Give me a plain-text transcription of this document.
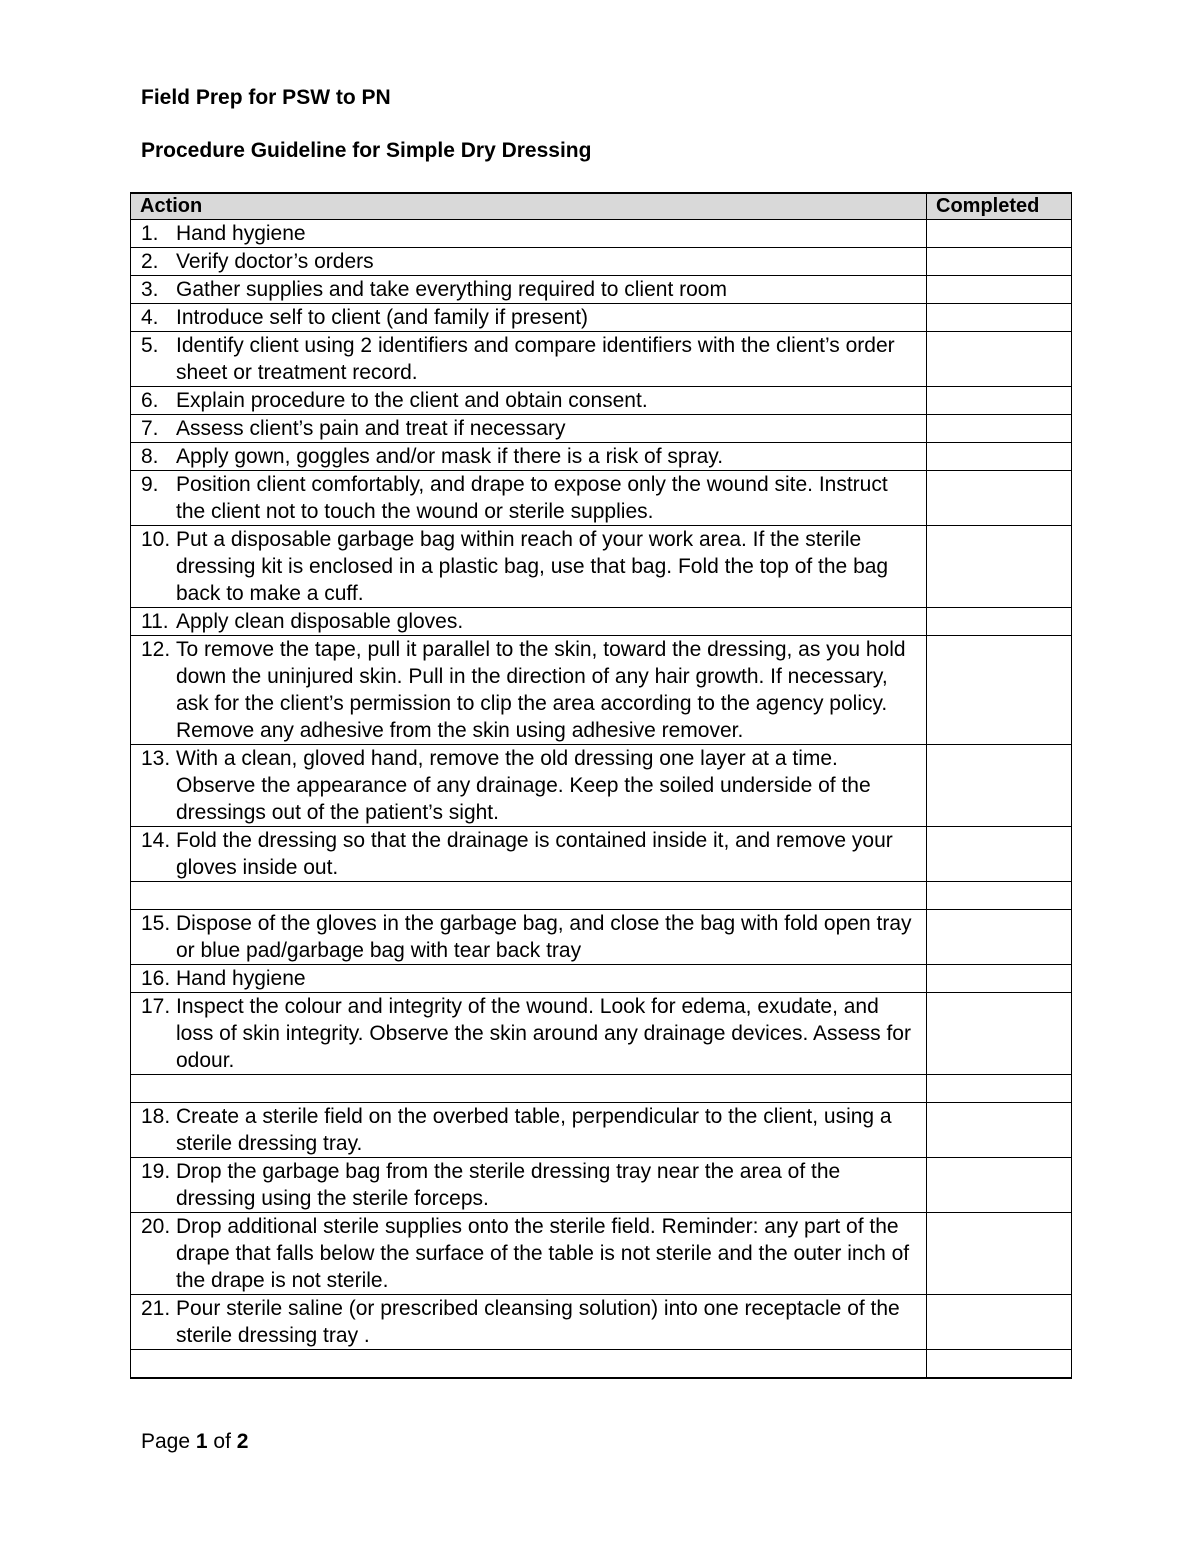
Field Prep for PSW to PN
Procedure Guideline for Simple Dry Dressing
Action	Completed

1. Hand hygiene	

2. Verify doctor’s orders	

3. Gather supplies and take everything required to client room	

4. Introduce self to client (and family if present)	

5. Identify client using 2 identifiers and compare identifiers with the client’s order sheet or treatment record.	

6. Explain procedure to the client and obtain consent.	

7. Assess client’s pain and treat if necessary	

8. Apply gown, goggles and/or mask if there is a risk of spray.	

9. Position client comfortably, and drape to expose only the wound site. Instruct the client not to touch the wound or sterile supplies.	

10. Put a disposable garbage bag within reach of your work area. If the sterile dressing kit is enclosed in a plastic bag, use that bag. Fold the top of the bag back to make a cuff.	

11. Apply clean disposable gloves.	

12. To remove the tape, pull it parallel to the skin, toward the dressing, as you hold down the uninjured skin. Pull in the direction of any hair growth. If necessary, ask for the client’s permission to clip the area according to the agency policy. Remove any adhesive from the skin using adhesive remover.	

13. With a clean, gloved hand, remove the old dressing one layer at a time. Observe the appearance of any drainage. Keep the soiled underside of the dressings out of the patient’s sight.	

14. Fold the dressing so that the drainage is contained inside it, and remove your gloves inside out.	

15. Dispose of the gloves in the garbage bag, and close the bag with fold open tray or blue pad/garbage bag with tear back tray	

16. Hand hygiene	

17. Inspect the colour and integrity of the wound. Look for edema, exudate, and loss of skin integrity. Observe the skin around any drainage devices. Assess for odour.	

18. Create a sterile field on the overbed table, perpendicular to the client, using a sterile dressing tray.	

19. Drop the garbage bag from the sterile dressing tray near the area of the dressing using the sterile forceps.	

20. Drop additional sterile supplies onto the sterile field. Reminder: any part of the drape that falls below the surface of the table is not sterile and the outer inch of the drape is not sterile.	

21. Pour sterile saline (or prescribed cleansing solution) into one receptacle of the sterile dressing tray .	

Page 1 of 2
